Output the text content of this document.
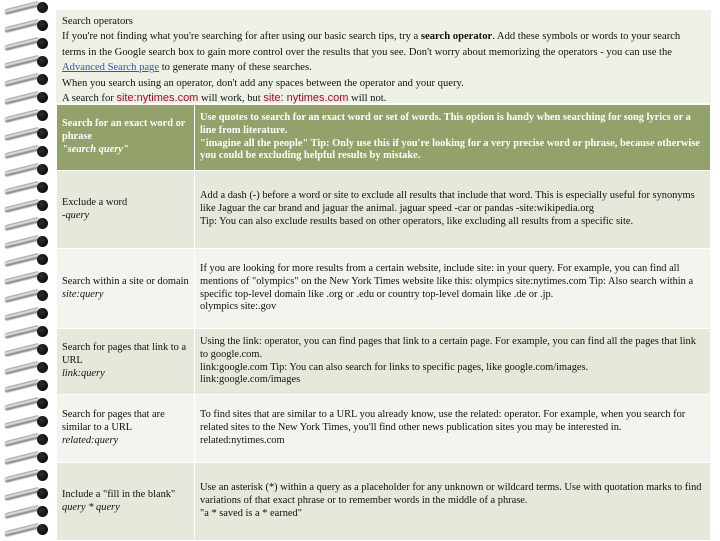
Search operators
If you're not finding what you're searching for after using our basic search tips, try a search operator. Add these symbols or words to your search terms in the Google search box to gain more control over the results that you see. Don't worry about memorizing the operators - you can use the Advanced Search page to generate many of these searches.
When you search using an operator, don't add any spaces between the operator and your query.
A search for site:nytimes.com will work, but site: nytimes.com will not.
Search for an exact word or phrase
"search query"	Use quotes to search for an exact word or set of words. This option is handy when searching for song lyrics or a line from literature.
"imagine all the people" Tip: Only use this if you're looking for a very precise word or phrase, because otherwise you could be excluding helpful results by mistake.

Exclude a word
-query	Add a dash (-) before a word or site to exclude all results that include that word. This is especially useful for synonyms like Jaguar the car brand and jaguar the animal. jaguar speed -car or pandas -site:wikipedia.org
Tip: You can also exclude results based on other operators, like excluding all results from a specific site.

Search within a site or domain
site:query	If you are looking for more results from a certain website, include site: in your query. For example, you can find all mentions of "olympics" on the New York Times website like this: olympics site:nytimes.com Tip: Also search within a specific top-level domain like .org or .edu or country top-level domain like .de or .jp.
olympics site:.gov

Search for pages that link to a URL
link:query	Using the link: operator, you can find pages that link to a certain page. For example, you can find all the pages that link to google.com.
link:google.com Tip: You can also search for links to specific pages, like google.com/images.
link:google.com/images

Search for pages that are similar to a URL
related:query	To find sites that are similar to a URL you already know, use the related: operator. For example, when you search for related sites to the New York Times, you'll find other news publication sites you may be interested in.
related:nytimes.com

Include a "fill in the blank"
query * query	Use an asterisk (*) within a query as a placeholder for any unknown or wildcard terms. Use with quotation marks to find variations of that exact phrase or to remember words in the middle of a phrase.
"a * saved is a * earned"
